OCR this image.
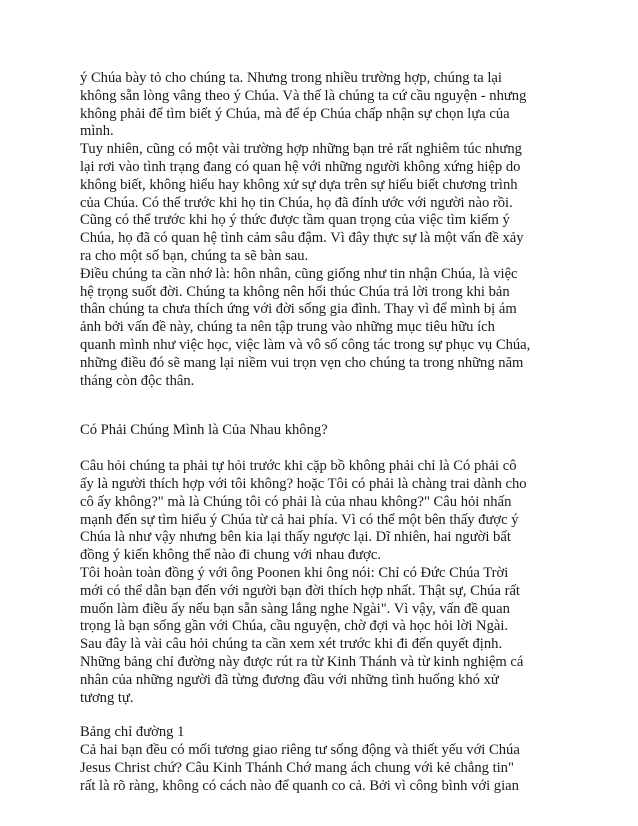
ý Chúa bày tỏ cho chúng ta. Nhưng trong nhiều trường hợp, chúng ta lại
không sẵn lòng vâng theo ý Chúa. Và thế là chúng ta cứ cầu nguyện - nhưng
không phải để tìm biết ý Chúa, mà để ép Chúa chấp nhận sự chọn lựa của
mình.

Tuy nhiên, cũng có một vài trường hợp những bạn trẻ rất nghiêm túc nhưng
lại rơi vào tình trạng đang có quan hệ với những người không xứng hiệp do
không biết, không hiểu hay không xử sự dựa trên sự hiểu biết chương trình
của Chúa. Có thể trước khi họ tin Chúa, họ đã đính ước với người nào rồi.
Cũng có thể trước khi họ ý thức được tầm quan trọng của việc tìm kiếm ý
Chúa, họ đã có quan hệ tình cảm sâu đậm. Vì đây thực sự là một vấn đề xảy
ra cho một số bạn, chúng ta sẽ bàn sau.

Điều chúng ta cần nhớ là: hôn nhân, cũng giống như tin nhận Chúa, là việc
hệ trọng suốt đời. Chúng ta không nên hối thúc Chúa trả lời trong khi bản
thân chúng ta chưa thích ứng với đời sống gia đình. Thay vì để mình bị ám
ảnh bởi vấn đề này, chúng ta nên tập trung vào những mục tiêu hữu ích
quanh mình như việc học, việc làm và vô số công tác trong sự phục vụ Chúa,
những điều đó sẽ mang lại niềm vui trọn vẹn cho chúng ta trong những năm
tháng còn độc thân.

Có Phải Chúng Mình là Của Nhau không?

Câu hỏi chúng ta phải tự hỏi trước khi cặp bồ không phải chỉ là Có phải cô
ấy là người thích hợp với tôi không? hoặc Tôi có phải là chàng trai dành cho
cô ấy không?" mà là Chúng tôi có phải là của nhau không?" Câu hỏi nhấn
mạnh đến sự tìm hiểu ý Chúa từ cả hai phía. Vì có thể một bên thấy được ý
Chúa là như vậy nhưng bên kia lại thấy ngược lại. Dĩ nhiên, hai người bất
đồng ý kiến không thể nào đi chung với nhau được.

Tôi hoàn toàn đồng ý với ông Poonen khi ông nói: Chỉ có Đức Chúa Trời
mới có thể dẫn bạn đến với người bạn đời thích hợp nhất. Thật sự, Chúa rất
muốn làm điều ấy nếu bạn sẵn sàng lắng nghe Ngài". Vì vậy, vấn đề quan
trọng là bạn sống gần với Chúa, cầu nguyện, chờ đợi và học hỏi lời Ngài.
Sau đây là vài câu hỏi chúng ta cần xem xét trước khi đi đến quyết định.
Những bảng chỉ đường này được rút ra từ Kinh Thánh và từ kinh nghiệm cá
nhân của những người đã từng đương đầu với những tình huống khó xử
tương tự.

Bảng chỉ đường 1

Cả hai bạn đều có mối tương giao riêng tư sống động và thiết yếu với Chúa
Jesus Christ chứ? Câu Kinh Thánh Chớ mang ách chung với kẻ chẳng tin"
rất là rõ ràng, không có cách nào để quanh co cả. Bởi vì công bình với gian
